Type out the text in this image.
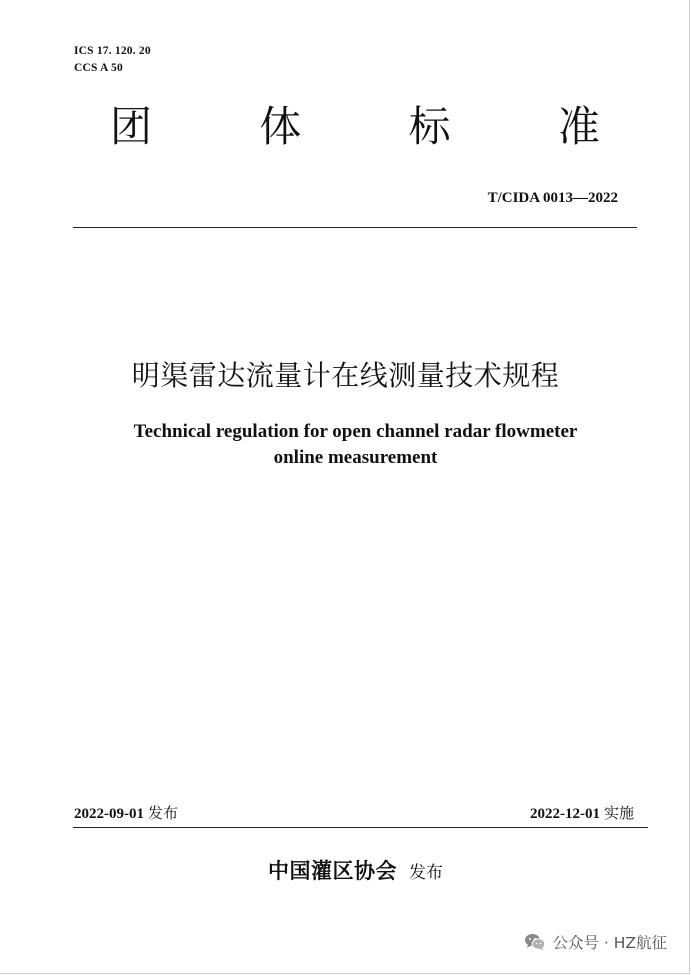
ICS 17. 120. 20
CCS A 50
团	体	标	准
T/CIDA 0013—2022
明渠雷达流量计在线测量技术规程
Technical regulation for open channel radar flowmeter
online measurement
2022-09-01 发布	2022-12-01 实施
中国灌区协会 发布
公众号 · HZ航征
